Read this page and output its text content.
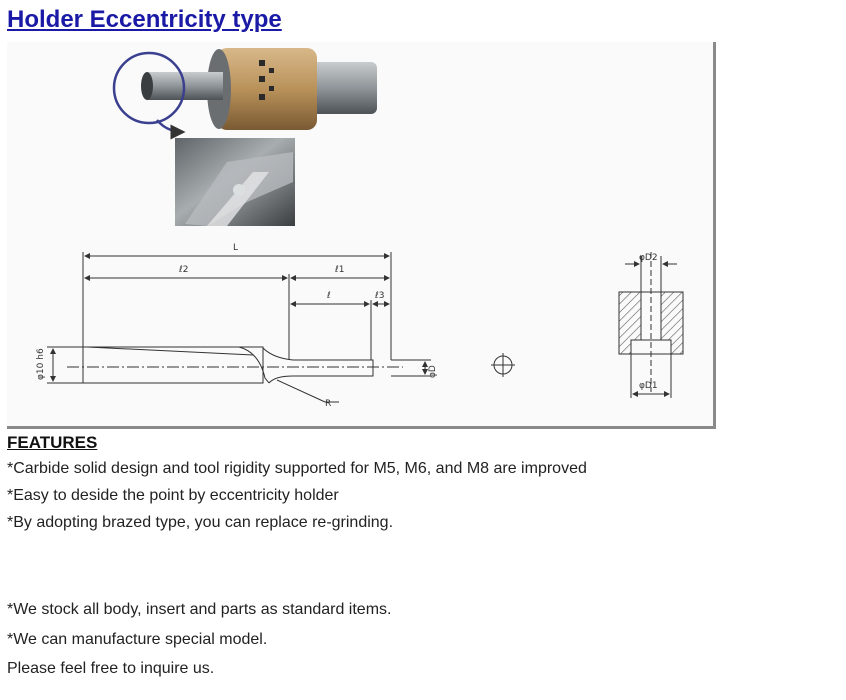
Holder Eccentricity type
L
ℓ2	ℓ1
ℓ	ℓ3
φ10 h6	φD
R
φD2
φD1
FEATURES
*Carbide solid design and tool rigidity supported for M5, M6, and M8 are improved
*Easy to deside the point by eccentricity holder
*By adopting brazed type, you can replace re-grinding.
*We stock all body, insert and parts as standard items.
*We can manufacture special model.
Please feel free to inquire us.
